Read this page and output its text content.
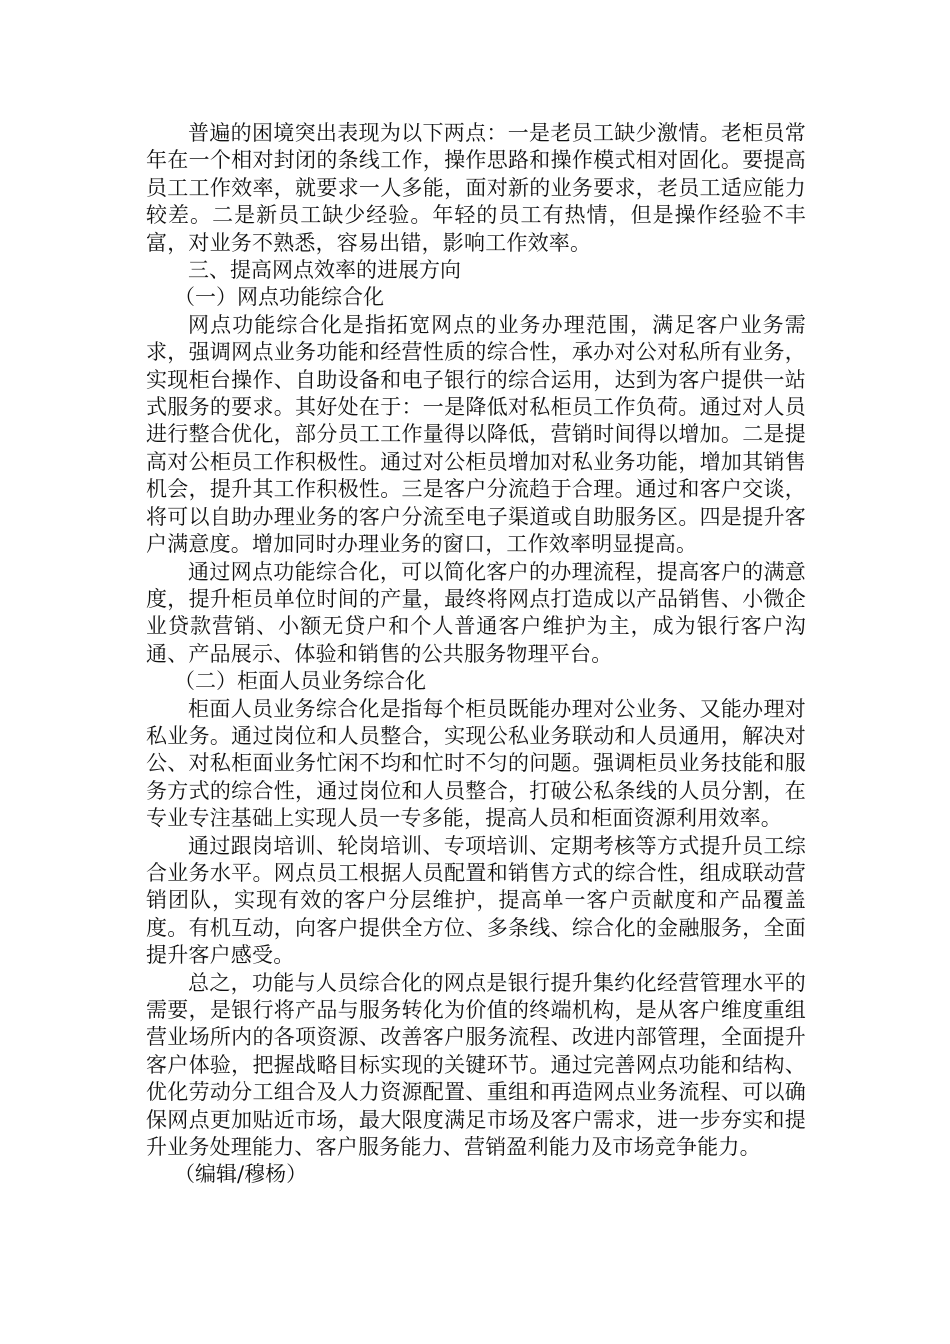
普遍的困境突出表现为以下两点：一是老员工缺少激情。老柜员常年在一个相对封闭的条线工作，操作思路和操作模式相对固化。要提高员工工作效率，就要求一人多能，面对新的业务要求，老员工适应能力较差。二是新员工缺少经验。年轻的员工有热情，但是操作经验不丰富，对业务不熟悉，容易出错，影响工作效率。

三、提高网点效率的进展方向

（一）网点功能综合化

网点功能综合化是指拓宽网点的业务办理范围，满足客户业务需求，强调网点业务功能和经营性质的综合性，承办对公对私所有业务，实现柜台操作、自助设备和电子银行的综合运用，达到为客户提供一站式服务的要求。其好处在于：一是降低对私柜员工作负荷。通过对人员进行整合优化，部分员工工作量得以降低，营销时间得以增加。二是提高对公柜员工作积极性。通过对公柜员增加对私业务功能，增加其销售机会，提升其工作积极性。三是客户分流趋于合理。通过和客户交谈，将可以自助办理业务的客户分流至电子渠道或自助服务区。四是提升客户满意度。增加同时办理业务的窗口，工作效率明显提高。

通过网点功能综合化，可以简化客户的办理流程，提高客户的满意度，提升柜员单位时间的产量，最终将网点打造成以产品销售、小微企业贷款营销、小额无贷户和个人普通客户维护为主，成为银行客户沟通、产品展示、体验和销售的公共服务物理平台。

（二）柜面人员业务综合化

柜面人员业务综合化是指每个柜员既能办理对公业务、又能办理对私业务。通过岗位和人员整合，实现公私业务联动和人员通用，解决对公、对私柜面业务忙闲不均和忙时不匀的问题。强调柜员业务技能和服务方式的综合性，通过岗位和人员整合，打破公私条线的人员分割，在专业专注基础上实现人员一专多能，提高人员和柜面资源利用效率。

通过跟岗培训、轮岗培训、专项培训、定期考核等方式提升员工综合业务水平。网点员工根据人员配置和销售方式的综合性，组成联动营销团队，实现有效的客户分层维护，提高单一客户贡献度和产品覆盖度。有机互动，向客户提供全方位、多条线、综合化的金融服务，全面提升客户感受。

总之，功能与人员综合化的网点是银行提升集约化经营管理水平的需要，是银行将产品与服务转化为价值的终端机构，是从客户维度重组营业场所内的各项资源、改善客户服务流程、改进内部管理，全面提升客户体验，把握战略目标实现的关键环节。通过完善网点功能和结构、优化劳动分工组合及人力资源配置、重组和再造网点业务流程、可以确保网点更加贴近市场，最大限度满足市场及客户需求，进一步夯实和提升业务处理能力、客户服务能力、营销盈利能力及市场竞争能力。

（编辑/穆杨）
